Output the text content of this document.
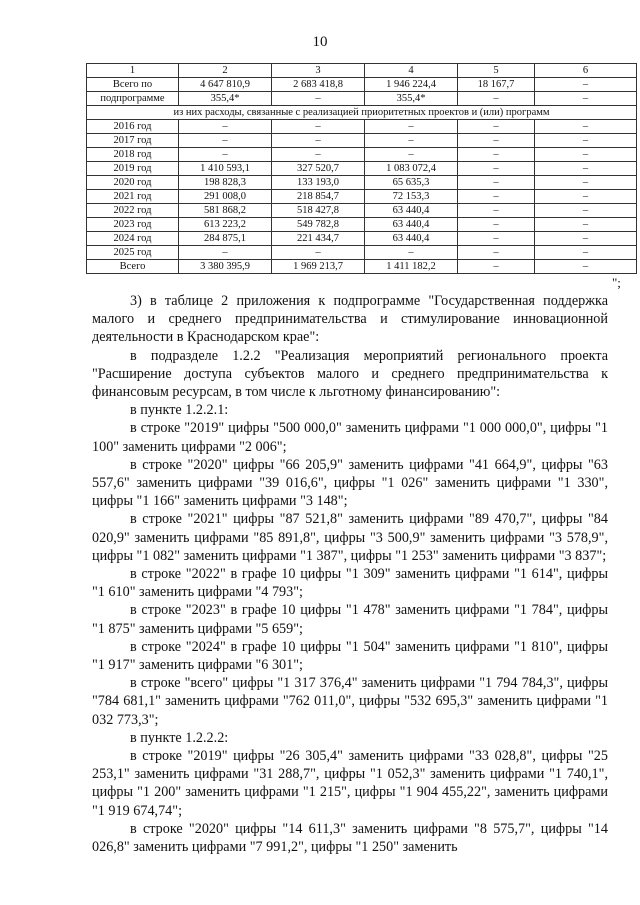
10
1	2	3	4	5	6
Всего по	4 647 810,9	2 683 418,8	1 946 224,4	18 167,7	–
подпрограмме	355,4*	–	355,4*	–	–
из них расходы, связанные с реализацией приоритетных проектов и (или) программ					
2016 год	–	–	–	–	–
2017 год	–	–	–	–	–
2018 год	–	–	–	–	–
2019 год	1 410 593,1	327 520,7	1 083 072,4	–	–
2020 год	198 828,3	133 193,0	65 635,3	–	–
2021 год	291 008,0	218 854,7	72 153,3	–	–
2022 год	581 868,2	518 427,8	63 440,4	–	–
2023 год	613 223,2	549 782,8	63 440,4	–	–
2024 год	284 875,1	221 434,7	63 440,4	–	–
2025 год	–	–	–	–	–
Всего	3 380 395,9	1 969 213,7	1 411 182,2	–	–
";

3) в таблице 2 приложения к подпрограмме "Государственная поддержка малого и среднего предпринимательства и стимулирование инновационной деятельности в Краснодарском крае":

в подразделе 1.2.2 "Реализация мероприятий регионального проекта "Расширение доступа субъектов малого и среднего предпринимательства к финансовым ресурсам, в том числе к льготному финансированию":

в пункте 1.2.2.1:

в строке "2019" цифры "500 000,0" заменить цифрами "1 000 000,0", цифры "1 100" заменить цифрами "2 006";

в строке "2020" цифры "66 205,9" заменить цифрами "41 664,9", цифры "63 557,6" заменить цифрами "39 016,6", цифры "1 026" заменить цифрами "1 330", цифры "1 166" заменить цифрами "3 148";

в строке "2021" цифры "87 521,8" заменить цифрами "89 470,7", цифры "84 020,9" заменить цифрами "85 891,8", цифры "3 500,9" заменить цифрами "3 578,9", цифры "1 082" заменить цифрами "1 387", цифры "1 253" заменить цифрами "3 837";

в строке "2022" в графе 10 цифры "1 309" заменить цифрами "1 614", цифры "1 610" заменить цифрами "4 793";

в строке "2023" в графе 10 цифры "1 478" заменить цифрами "1 784", цифры "1 875" заменить цифрами "5 659";

в строке "2024" в графе 10 цифры "1 504" заменить цифрами "1 810", цифры "1 917" заменить цифрами "6 301";

в строке "всего" цифры "1 317 376,4" заменить цифрами "1 794 784,3", цифры "784 681,1" заменить цифрами "762 011,0", цифры "532 695,3" заменить цифрами "1 032 773,3";

в пункте 1.2.2.2:

в строке "2019" цифры "26 305,4" заменить цифрами "33 028,8", цифры "25 253,1" заменить цифрами "31 288,7", цифры "1 052,3" заменить цифрами "1 740,1", цифры "1 200" заменить цифрами "1 215", цифры "1 904 455,22", заменить цифрами "1 919 674,74";

в строке "2020" цифры "14 611,3" заменить цифрами "8 575,7", цифры "14 026,8" заменить цифрами "7 991,2", цифры "1 250" заменить
